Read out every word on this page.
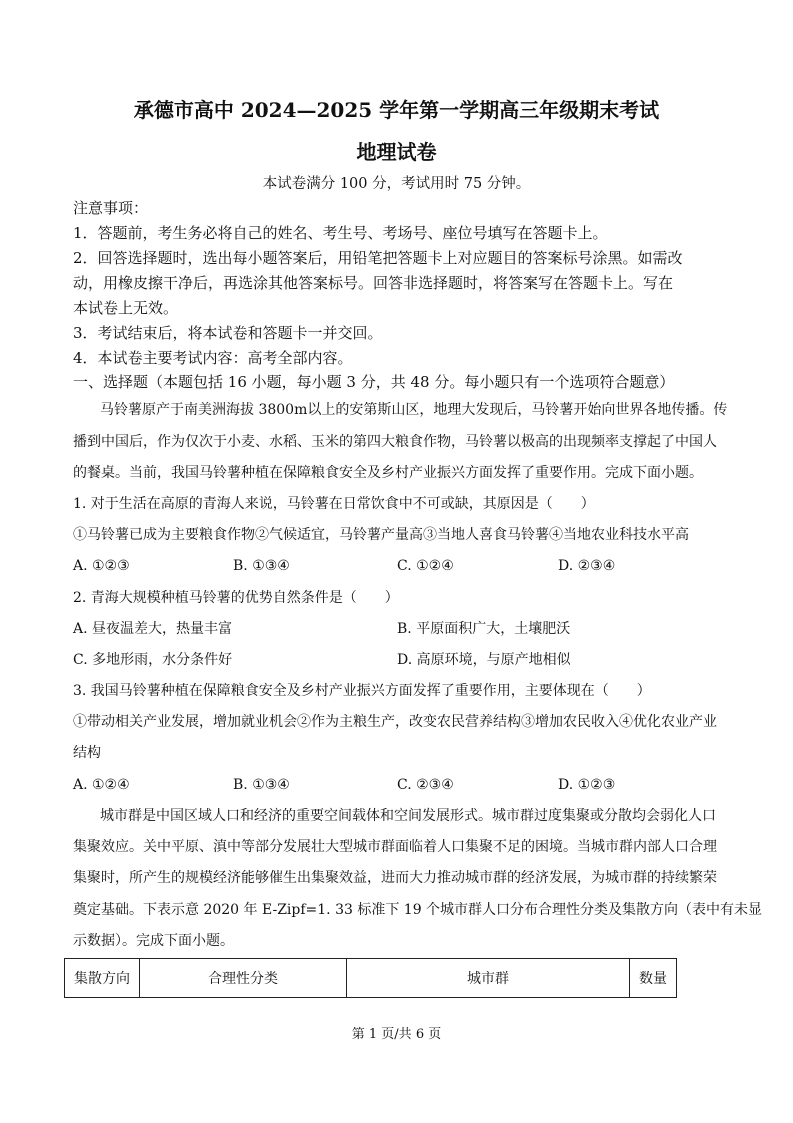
承德市高中 2024—2025 学年第一学期高三年级期末考试
地理试卷
本试卷满分 100 分，考试用时 75 分钟。
注意事项：
1．答题前，考生务必将自己的姓名、考生号、考场号、座位号填写在答题卡上。
2．回答选择题时，选出每小题答案后，用铅笔把答题卡上对应题目的答案标号涂黑。如需改
动，用橡皮擦干净后，再选涂其他答案标号。回答非选择题时，将答案写在答题卡上。写在
本试卷上无效。
3．考试结束后，将本试卷和答题卡一并交回。
4．本试卷主要考试内容：高考全部内容。
一、选择题（本题包括 16 小题，每小题 3 分，共 48 分。每小题只有一个选项符合题意）
马铃薯原产于南美洲海拔 3800m以上的安第斯山区，地理大发现后，马铃薯开始向世界各地传播。传
播到中国后，作为仅次于小麦、水稻、玉米的第四大粮食作物，马铃薯以极高的出现频率支撑起了中国人
的餐桌。当前，我国马铃薯种植在保障粮食安全及乡村产业振兴方面发挥了重要作用。完成下面小题。
1. 对于生活在高原的青海人来说，马铃薯在日常饮食中不可或缺，其原因是（　　）
①马铃薯已成为主要粮食作物②气候适宜，马铃薯产量高③当地人喜食马铃薯④当地农业科技水平高
A. ①②③	B. ①③④	C. ①②④	D. ②③④
2. 青海大规模种植马铃薯的优势自然条件是（　　）
A. 昼夜温差大，热量丰富	B. 平原面积广大，土壤肥沃
C. 多地形雨，水分条件好	D. 高原环境，与原产地相似
3. 我国马铃薯种植在保障粮食安全及乡村产业振兴方面发挥了重要作用，主要体现在（　　）
①带动相关产业发展，增加就业机会②作为主粮生产，改变农民营养结构③增加农民收入④优化农业产业
结构
A. ①②④	B. ①③④	C. ②③④	D. ①②③
城市群是中国区域人口和经济的重要空间载体和空间发展形式。城市群过度集聚或分散均会弱化人口
集聚效应。关中平原、滇中等部分发展壮大型城市群面临着人口集聚不足的困境。当城市群内部人口合理
集聚时，所产生的规模经济能够催生出集聚效益，进而大力推动城市群的经济发展，为城市群的持续繁荣
奠定基础。下表示意 2020 年 E-Zipf=1. 33 标准下 19 个城市群人口分布合理性分类及集散方向（表中有未显
示数据）。完成下面小题。
集散方向	合理性分类	城市群	数量
第 1 页/共 6 页
